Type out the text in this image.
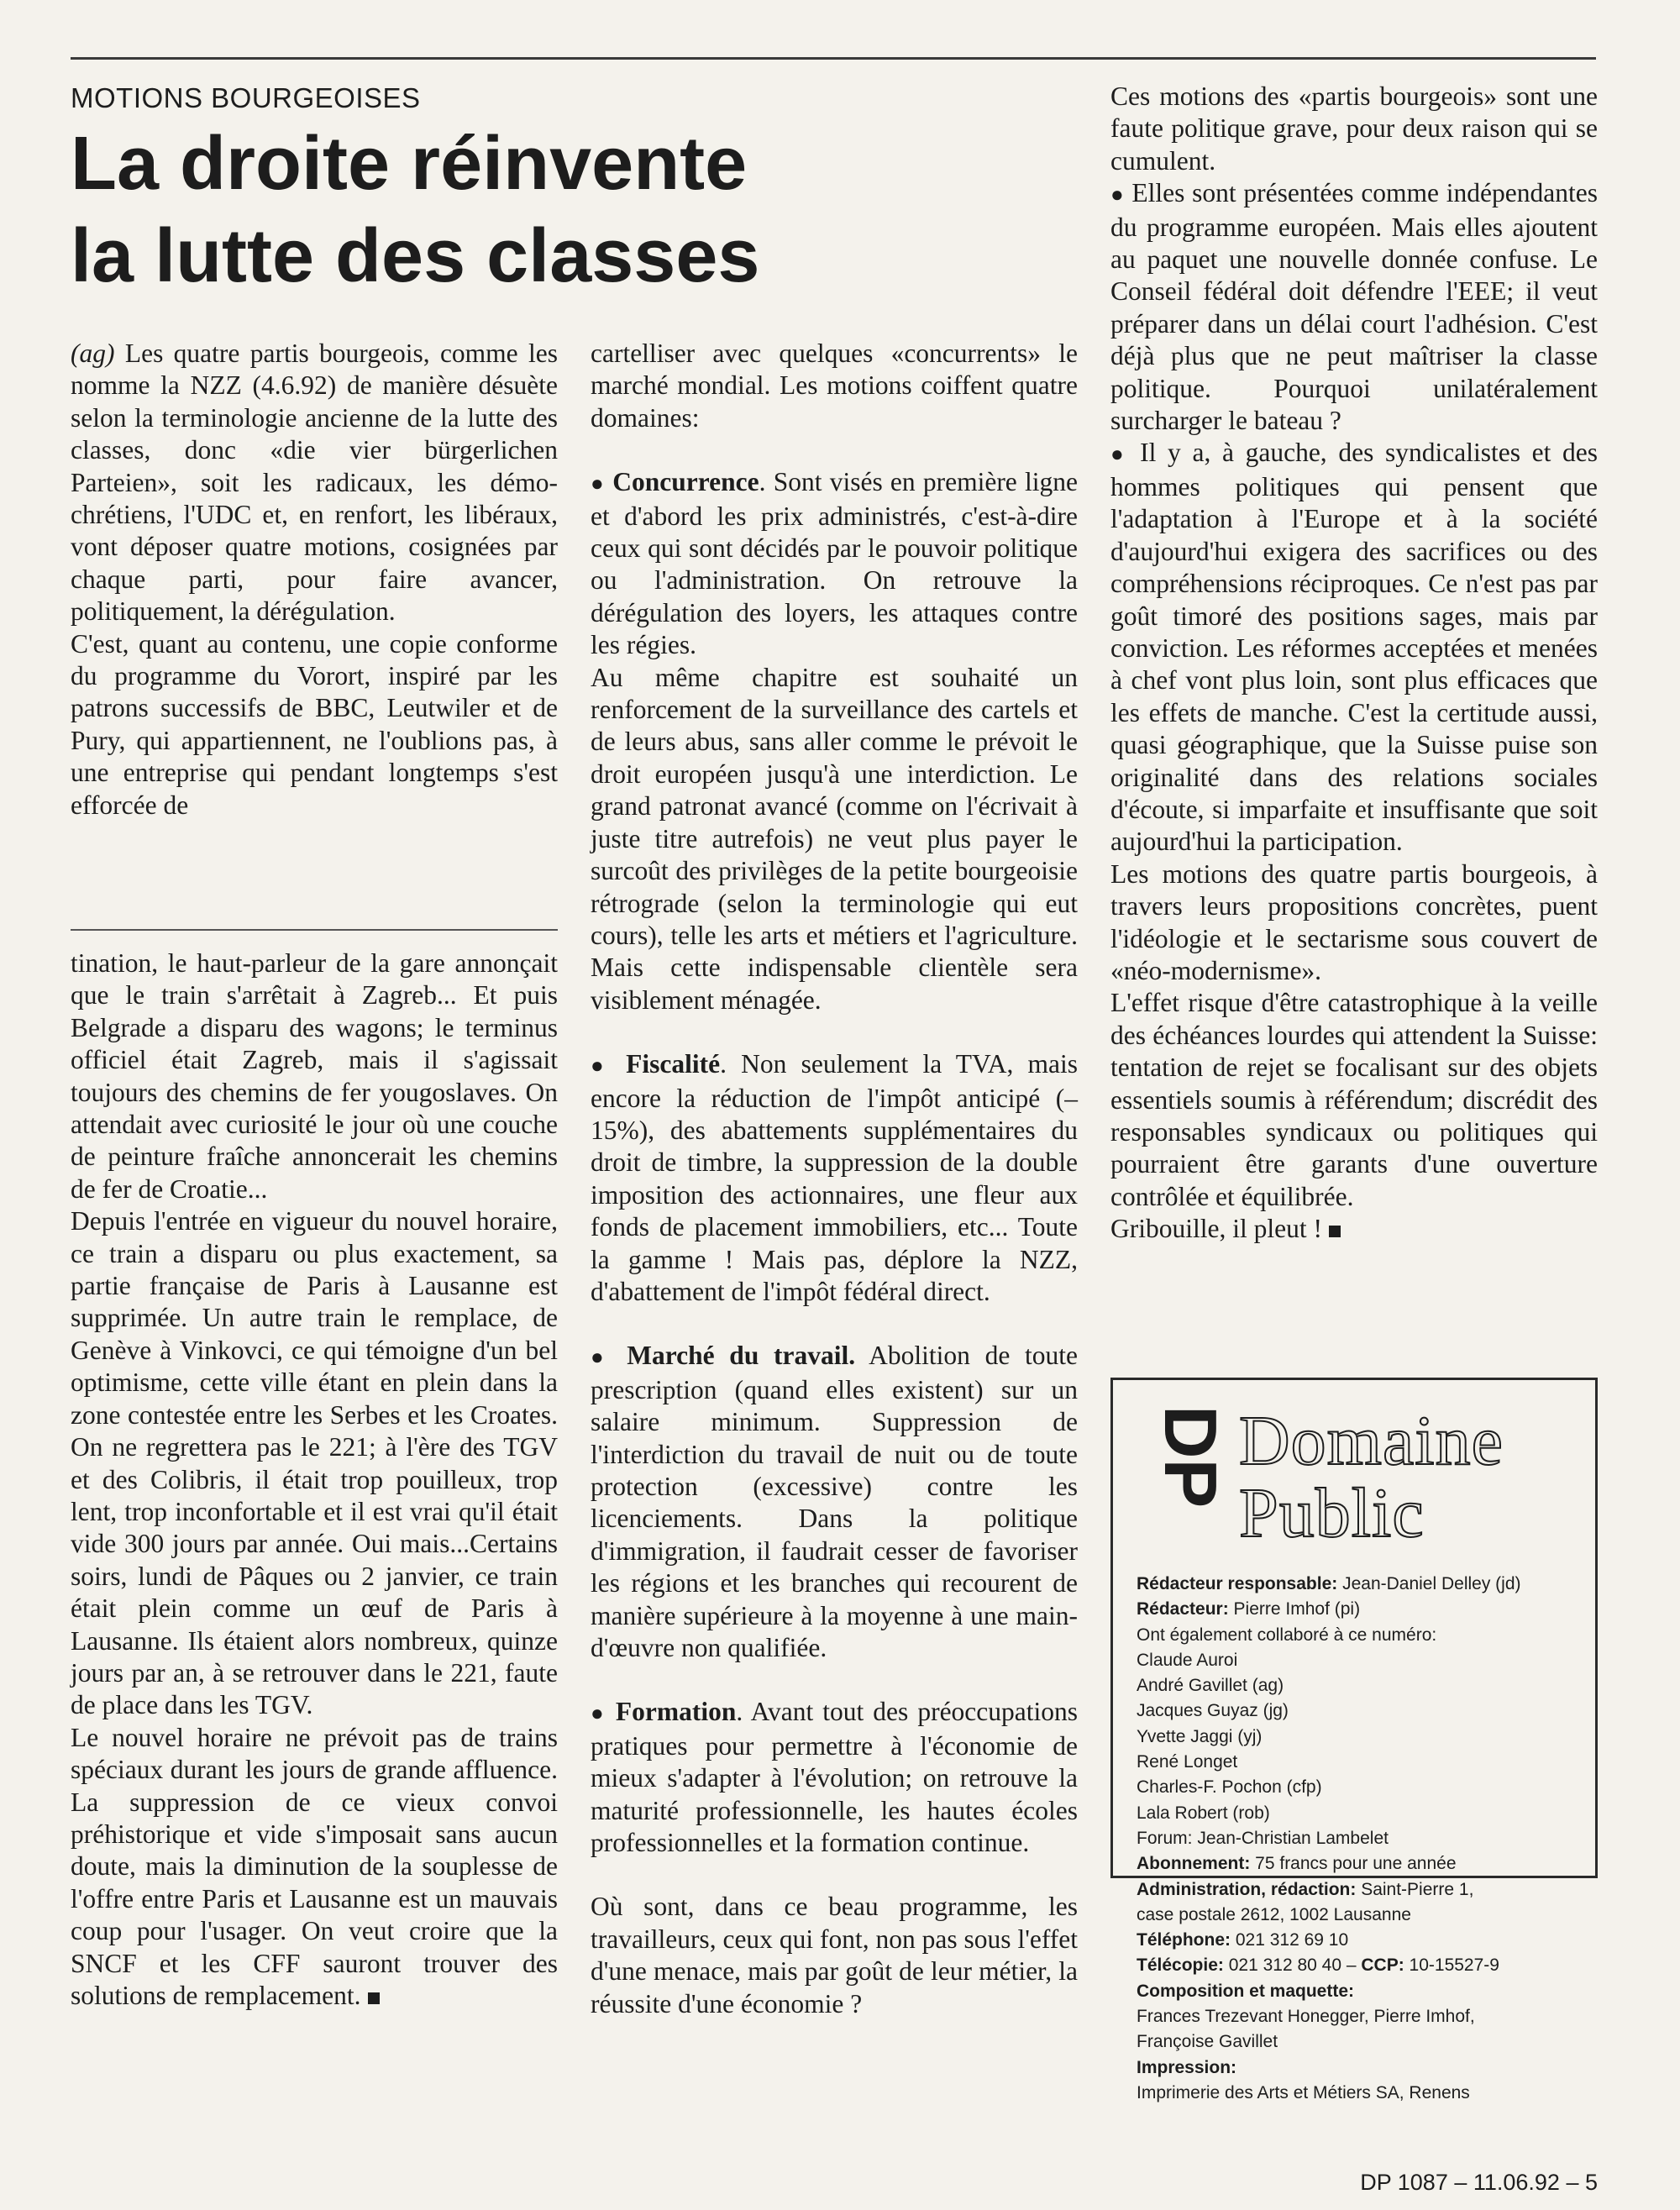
MOTIONS BOURGEOISES
La droite réinvente
la lutte des classes

(ag) Les quatre partis bourgeois, comme les nomme la NZZ (4.6.92) de manière désuète selon la terminologie ancienne de la lutte des classes, donc «die vier bürgerlichen Parteien», soit les radicaux, les démo-chrétiens, l'UDC et, en renfort, les libéraux, vont déposer quatre motions, cosignées par chaque parti, pour faire avancer, politiquement, la dérégulation.

C'est, quant au contenu, une copie conforme du programme du Vorort, inspiré par les patrons successifs de BBC, Leutwiler et de Pury, qui appartiennent, ne l'oublions pas, à une entreprise qui pendant longtemps s'est efforcée de

tination, le haut-parleur de la gare annonçait que le train s'arrêtait à Zagreb... Et puis Belgrade a disparu des wagons; le terminus officiel était Zagreb, mais il s'agissait toujours des chemins de fer yougoslaves. On attendait avec curiosité le jour où une couche de peinture fraîche annoncerait les chemins de fer de Croatie...

Depuis l'entrée en vigueur du nouvel horaire, ce train a disparu ou plus exactement, sa partie française de Paris à Lausanne est supprimée. Un autre train le remplace, de Genève à Vinkovci, ce qui témoigne d'un bel optimisme, cette ville étant en plein dans la zone contestée entre les Serbes et les Croates. On ne regrettera pas le 221; à l'ère des TGV et des Colibris, il était trop pouilleux, trop lent, trop inconfortable et il est vrai qu'il était vide 300 jours par année. Oui mais...Certains soirs, lundi de Pâques ou 2 janvier, ce train était plein comme un œuf de Paris à Lausanne. Ils étaient alors nombreux, quinze jours par an, à se retrouver dans le 221, faute de place dans les TGV.

Le nouvel horaire ne prévoit pas de trains spéciaux durant les jours de grande affluence. La suppression de ce vieux convoi préhistorique et vide s'imposait sans aucun doute, mais la diminution de la souplesse de l'offre entre Paris et Lausanne est un mauvais coup pour l'usager. On veut croire que la SNCF et les CFF sauront trouver des solutions de remplacement.

cartelliser avec quelques «concurrents» le marché mondial. Les motions coiffent quatre domaines:

● Concurrence. Sont visés en première ligne et d'abord les prix administrés, c'est-à-dire ceux qui sont décidés par le pouvoir politique ou l'administration. On retrouve la dérégulation des loyers, les attaques contre les régies.

Au même chapitre est souhaité un renforcement de la surveillance des cartels et de leurs abus, sans aller comme le prévoit le droit européen jusqu'à une interdiction. Le grand patronat avancé (comme on l'écrivait à juste titre autrefois) ne veut plus payer le surcoût des privilèges de la petite bourgeoisie rétrograde (selon la terminologie qui eut cours), telle les arts et métiers et l'agriculture. Mais cette indispensable clientèle sera visiblement ménagée.

● Fiscalité. Non seulement la TVA, mais encore la réduction de l'impôt anticipé (–15%), des abattements supplémentaires du droit de timbre, la suppression de la double imposition des actionnaires, une fleur aux fonds de placement immobiliers, etc... Toute la gamme ! Mais pas, déplore la NZZ, d'abattement de l'impôt fédéral direct.

● Marché du travail. Abolition de toute prescription (quand elles existent) sur un salaire minimum. Suppression de l'interdiction du travail de nuit ou de toute protection (excessive) contre les licenciements. Dans la politique d'immigration, il faudrait cesser de favoriser les régions et les branches qui recourent de manière supérieure à la moyenne à une main-d'œuvre non qualifiée.

● Formation. Avant tout des préoccupations pratiques pour permettre à l'économie de mieux s'adapter à l'évolution; on retrouve la maturité professionnelle, les hautes écoles professionnelles et la formation continue.

Où sont, dans ce beau programme, les travailleurs, ceux qui font, non pas sous l'effet d'une menace, mais par goût de leur métier, la réussite d'une économie ?

Ces motions des «partis bourgeois» sont une faute politique grave, pour deux raison qui se cumulent.

● Elles sont présentées comme indépendantes du programme européen. Mais elles ajoutent au paquet une nouvelle donnée confuse. Le Conseil fédéral doit défendre l'EEE; il veut préparer dans un délai court l'adhésion. C'est déjà plus que ne peut maîtriser la classe politique. Pourquoi unilatéralement surcharger le bateau ?

● Il y a, à gauche, des syndicalistes et des hommes politiques qui pensent que l'adaptation à l'Europe et à la société d'aujourd'hui exigera des sacrifices ou des compréhensions réciproques. Ce n'est pas par goût timoré des positions sages, mais par conviction. Les réformes acceptées et menées à chef vont plus loin, sont plus efficaces que les effets de manche. C'est la certitude aussi, quasi géographique, que la Suisse puise son originalité dans des relations sociales d'écoute, si imparfaite et insuffisante que soit aujourd'hui la participation.

Les motions des quatre partis bourgeois, à travers leurs propositions concrètes, puent l'idéologie et le sectarisme sous couvert de «néo-modernisme».

L'effet risque d'être catastrophique à la veille des échéances lourdes qui attendent la Suisse: tentation de rejet se focalisant sur des objets essentiels soumis à référendum; discrédit des responsables syndicaux ou politiques qui pourraient être garants d'une ouverture contrôlée et équilibrée.

Gribouille, il pleut !

DP Domaine
Public
Rédacteur responsable: Jean-Daniel Delley (jd)
Rédacteur: Pierre Imhof (pi)
Ont également collaboré à ce numéro:
Claude Auroi
André Gavillet (ag)
Jacques Guyaz (jg)
Yvette Jaggi (yj)
René Longet
Charles-F. Pochon (cfp)
Lala Robert (rob)
Forum: Jean-Christian Lambelet
Abonnement: 75 francs pour une année
Administration, rédaction: Saint-Pierre 1,
case postale 2612, 1002 Lausanne
Téléphone: 021 312 69 10
Télécopie: 021 312 80 40 – CCP: 10-15527-9
Composition et maquette:
Frances Trezevant Honegger, Pierre Imhof,
Françoise Gavillet
Impression:
Imprimerie des Arts et Métiers SA, Renens
DP 1087 – 11.06.92 – 5
